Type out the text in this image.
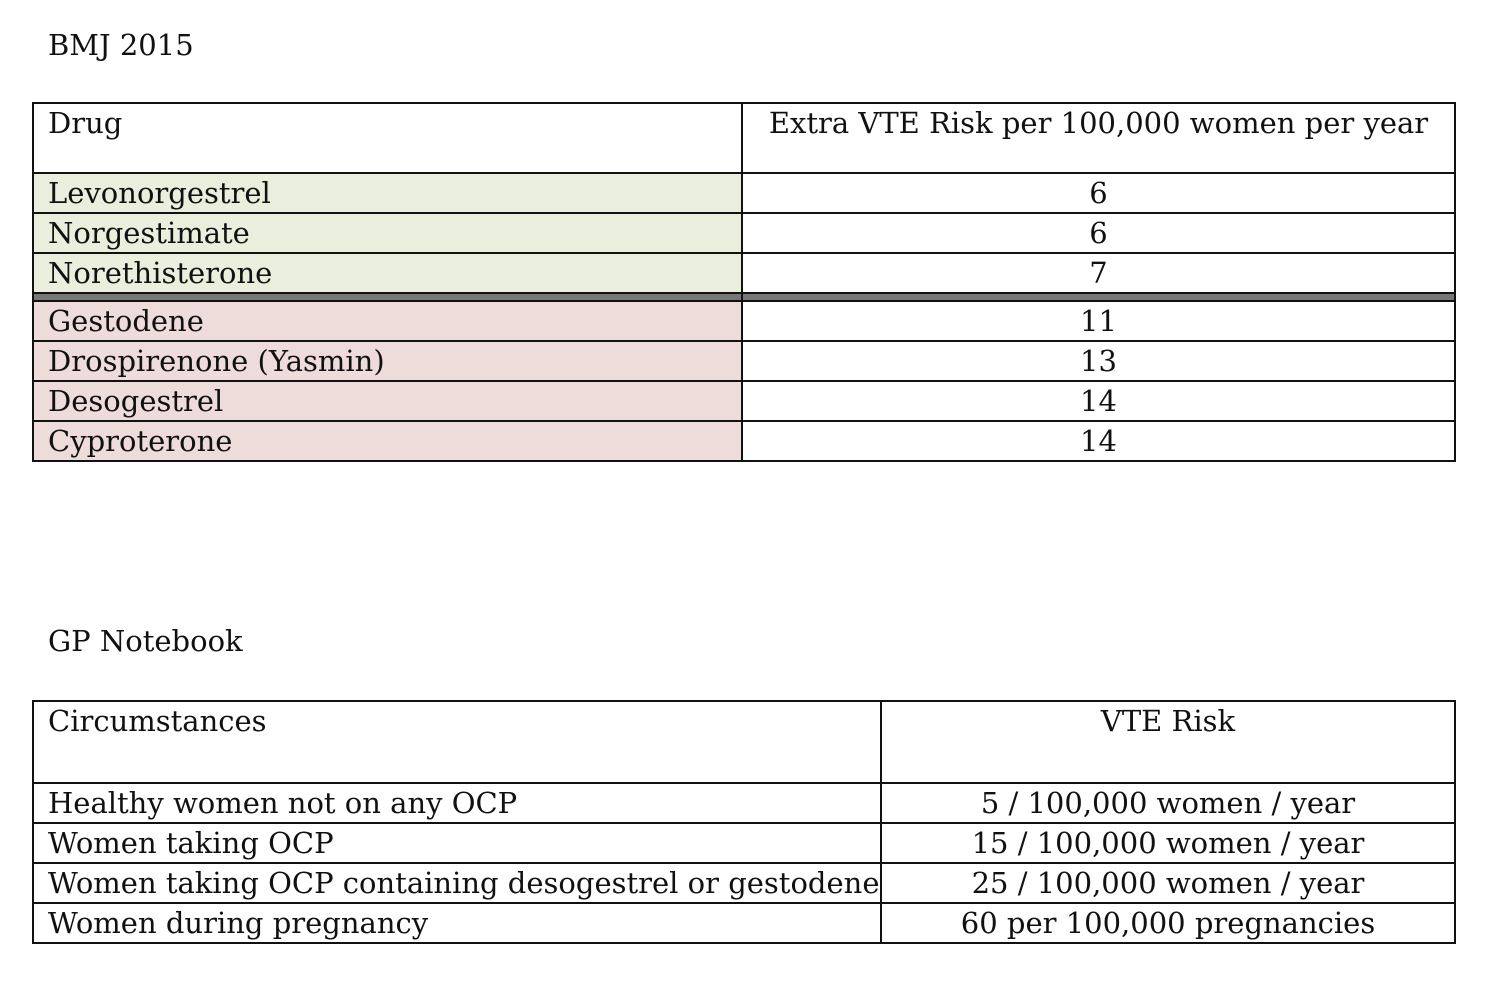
BMJ 2015
Drug	Extra VTE Risk per 100,000 women per year
Levonorgestrel	6
Norgestimate	6
Norethisterone	7

Gestodene	11
Drospirenone (Yasmin)	13
Desogestrel	14
Cyproterone	14
GP Notebook
Circumstances	VTE Risk
Healthy women not on any OCP	5 / 100,000 women / year
Women taking OCP	15 / 100,000 women / year
Women taking OCP containing desogestrel or gestodene	25 / 100,000 women / year
Women during pregnancy	60 per 100,000 pregnancies
